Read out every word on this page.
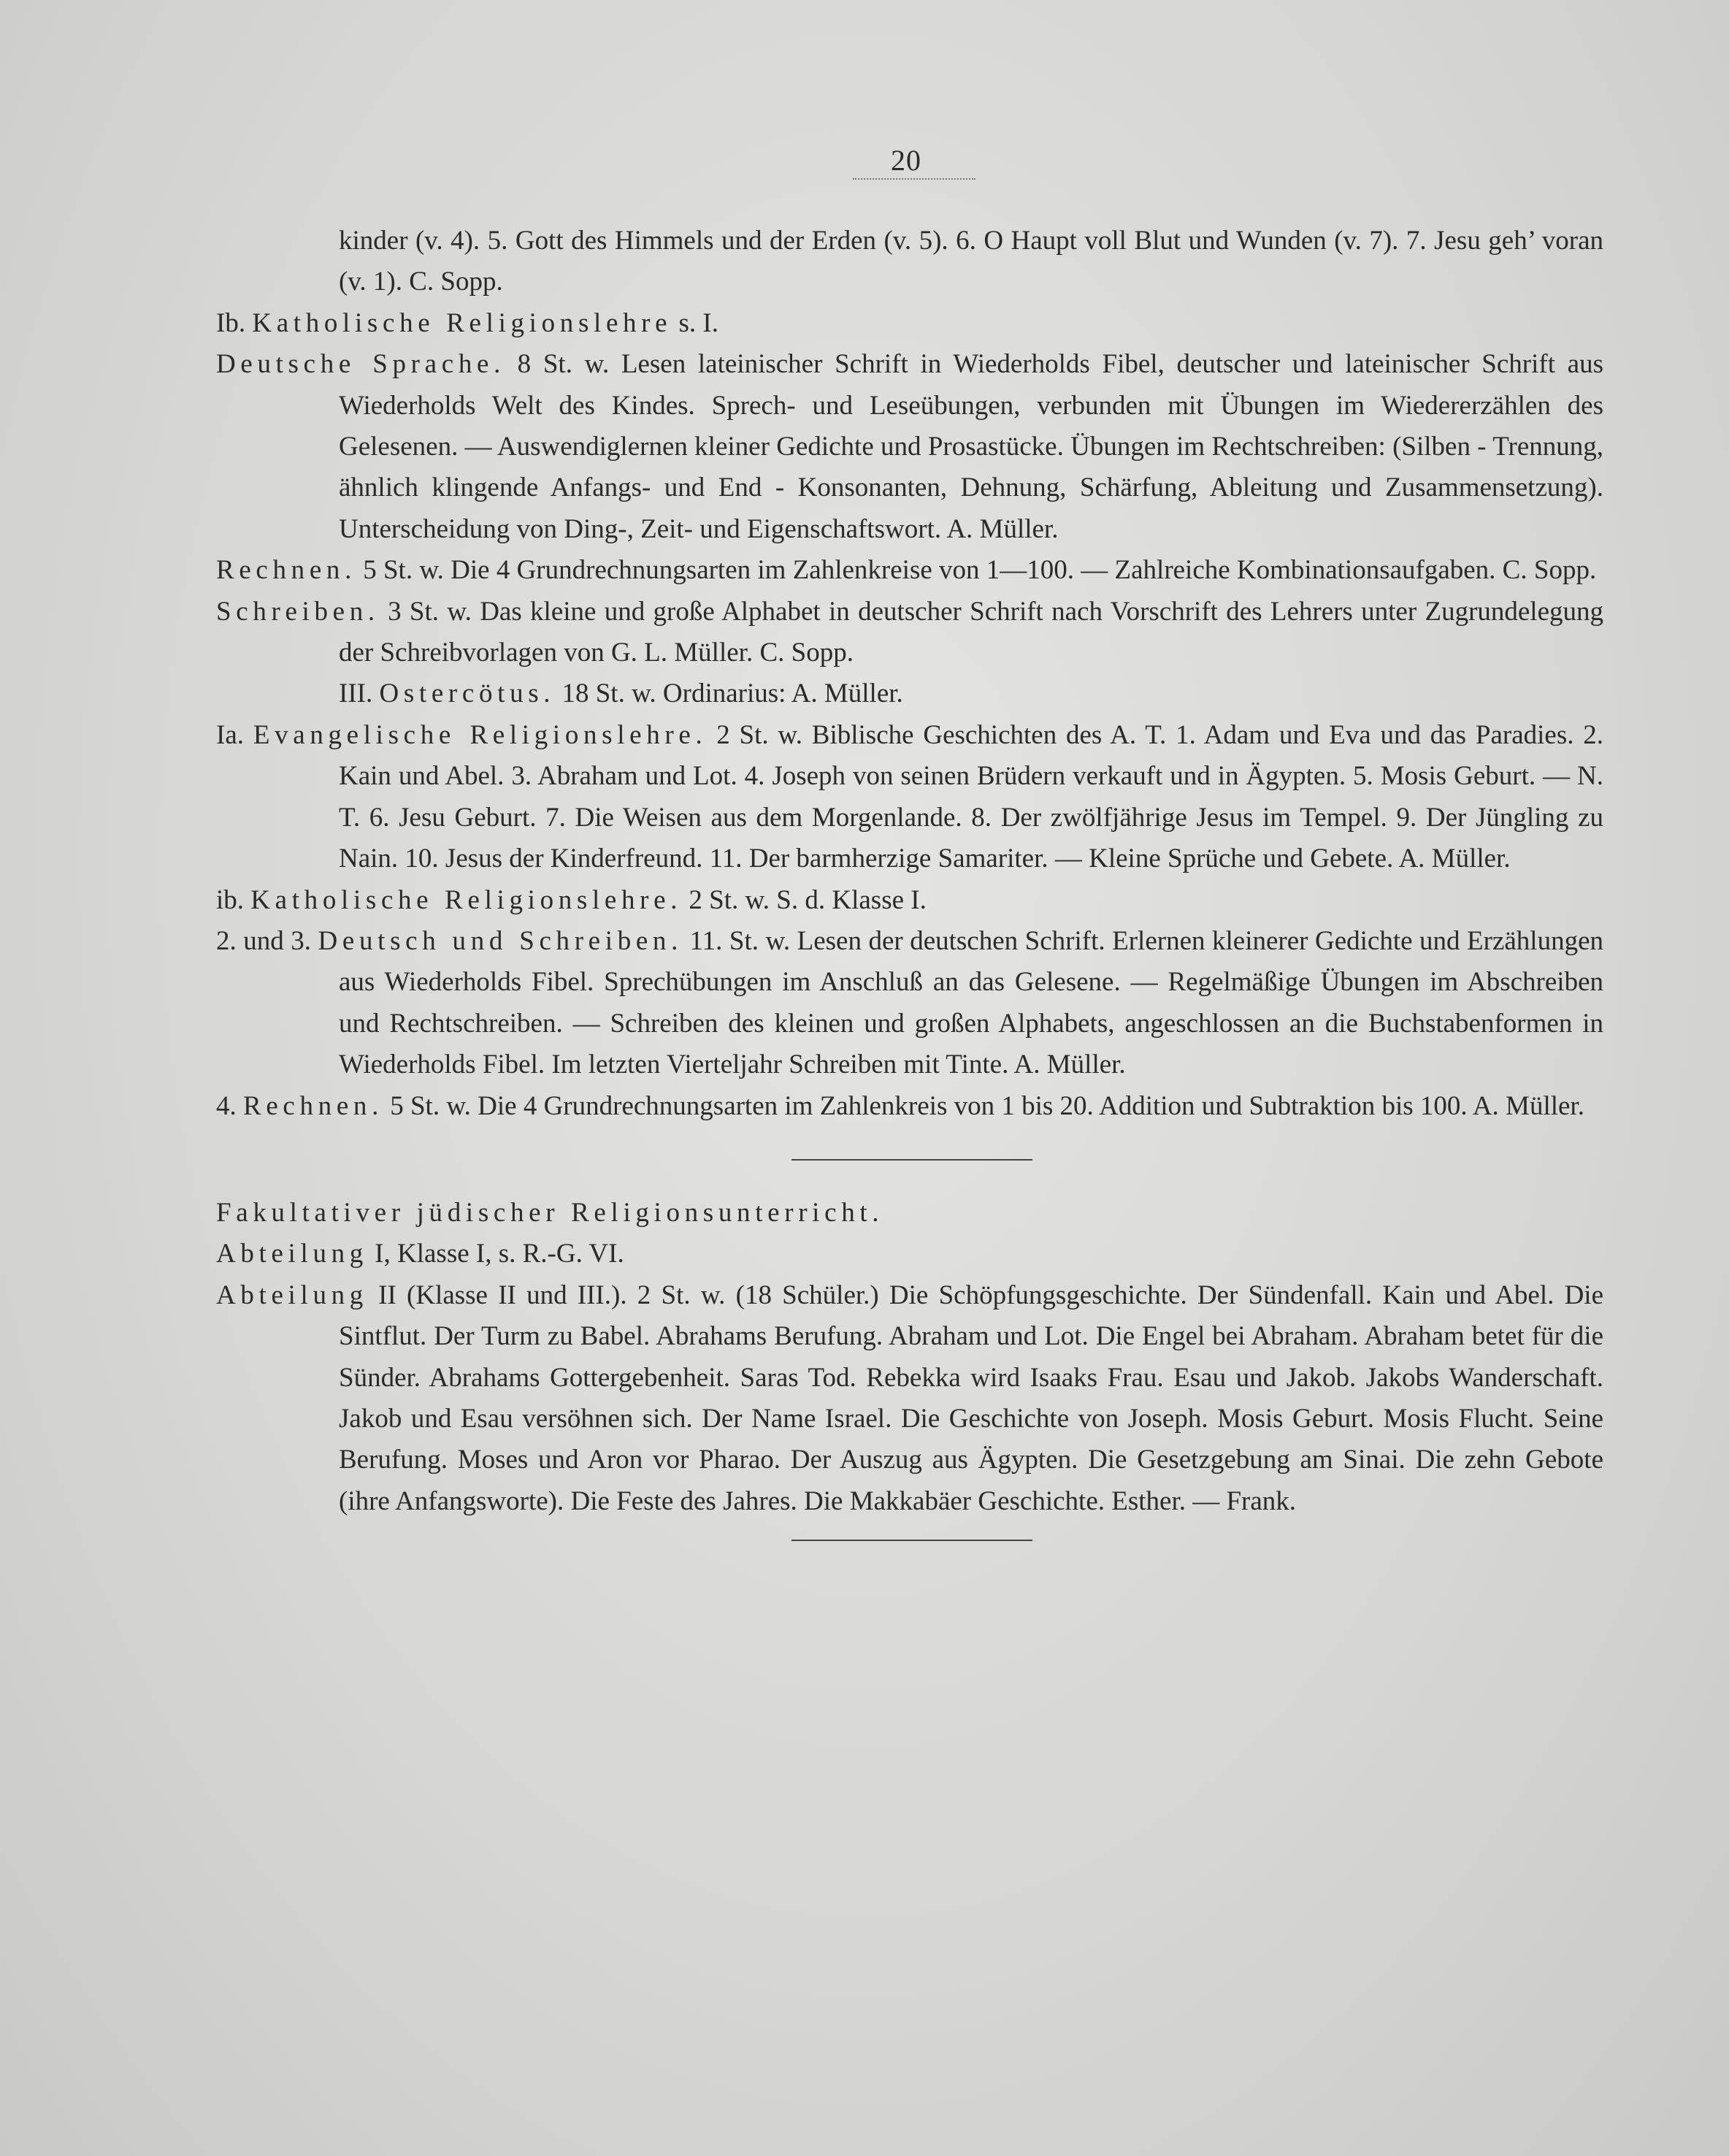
20

kinder (v. 4). 5. Gott des Himmels und der Erden (v. 5). 6. O Haupt voll Blut und Wunden (v. 7). 7. Jesu geh’ voran (v. 1). C. Sopp.

Ib. Katholische Religionslehre s. I.

Deutsche Sprache. 8 St. w. Lesen lateinischer Schrift in Wiederholds Fibel, deutscher und lateinischer Schrift aus Wiederholds Welt des Kindes. Sprech- und Leseübungen, verbunden mit Übungen im Wiedererzählen des Gelesenen. — Auswendiglernen kleiner Gedichte und Prosastücke. Übungen im Rechtschreiben: (Silben - Trennung, ähnlich klingende Anfangs- und End - Konsonanten, Dehnung, Schärfung, Ableitung und Zusammensetzung). Unterscheidung von Ding-, Zeit- und Eigenschaftswort. A. Müller.

Rechnen. 5 St. w. Die 4 Grundrechnungsarten im Zahlenkreise von 1—100. — Zahlreiche Kombinationsaufgaben. C. Sopp.

Schreiben. 3 St. w. Das kleine und große Alphabet in deutscher Schrift nach Vorschrift des Lehrers unter Zugrundelegung der Schreibvorlagen von G. L. Müller. C. Sopp.

III. Ostercötus. 18 St. w. Ordinarius: A. Müller.

Ia. Evangelische Religionslehre. 2 St. w. Biblische Geschichten des A. T. 1. Adam und Eva und das Paradies. 2. Kain und Abel. 3. Abraham und Lot. 4. Joseph von seinen Brüdern verkauft und in Ägypten. 5. Mosis Geburt. — N. T. 6. Jesu Geburt. 7. Die Weisen aus dem Morgenlande. 8. Der zwölfjährige Jesus im Tempel. 9. Der Jüngling zu Nain. 10. Jesus der Kinderfreund. 11. Der barmherzige Samariter. — Kleine Sprüche und Gebete. A. Müller.

ib. Katholische Religionslehre. 2 St. w. S. d. Klasse I.

2. und 3. Deutsch und Schreiben. 11. St. w. Lesen der deutschen Schrift. Erlernen kleinerer Gedichte und Erzählungen aus Wiederholds Fibel. Sprechübungen im Anschluß an das Gelesene. — Regelmäßige Übungen im Abschreiben und Rechtschreiben. — Schreiben des kleinen und großen Alphabets, angeschlossen an die Buchstabenformen in Wiederholds Fibel. Im letzten Vierteljahr Schreiben mit Tinte. A. Müller.

4. Rechnen. 5 St. w. Die 4 Grundrechnungsarten im Zahlenkreis von 1 bis 20. Addition und Subtraktion bis 100. A. Müller.

Fakultativer jüdischer Religionsunterricht.

Abteilung I, Klasse I, s. R.-G. VI.

Abteilung II (Klasse II und III.). 2 St. w. (18 Schüler.) Die Schöpfungsgeschichte. Der Sündenfall. Kain und Abel. Die Sintflut. Der Turm zu Babel. Abrahams Berufung. Abraham und Lot. Die Engel bei Abraham. Abraham betet für die Sünder. Abrahams Gottergebenheit. Saras Tod. Rebekka wird Isaaks Frau. Esau und Jakob. Jakobs Wanderschaft. Jakob und Esau versöhnen sich. Der Name Israel. Die Geschichte von Joseph. Mosis Geburt. Mosis Flucht. Seine Berufung. Moses und Aron vor Pharao. Der Auszug aus Ägypten. Die Gesetzgebung am Sinai. Die zehn Gebote (ihre Anfangsworte). Die Feste des Jahres. Die Makkabäer Geschichte. Esther. — Frank.
